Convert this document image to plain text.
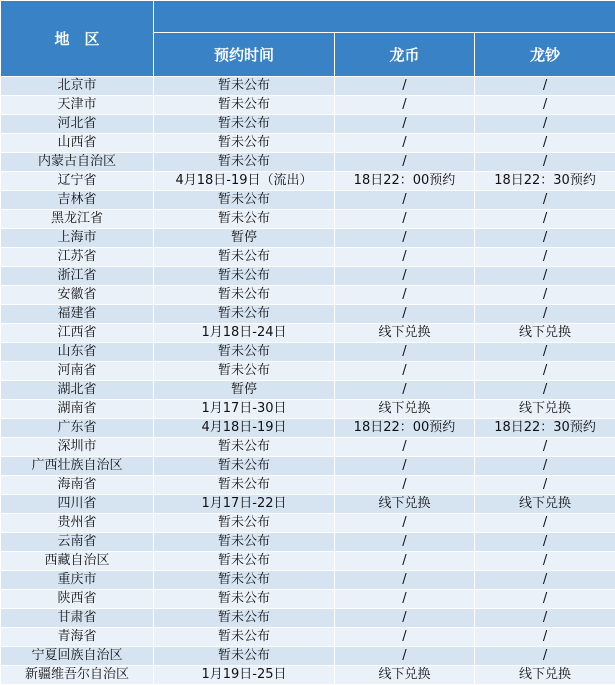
地　区			
	预约时间	龙币	龙钞
北京市	暂未公布	/	/
天津市	暂未公布	/	/
河北省	暂未公布	/	/
山西省	暂未公布	/	/
内蒙古自治区	暂未公布	/	/
辽宁省	4月18日-19日（流出）	18日22：00预约	18日22：30预约
吉林省	暂未公布	/	/
黑龙江省	暂未公布	/	/
上海市	暂停	/	/
江苏省	暂未公布	/	/
浙江省	暂未公布	/	/
安徽省	暂未公布	/	/
福建省	暂未公布	/	/
江西省	1月18日-24日	线下兑换	线下兑换
山东省	暂未公布	/	/
河南省	暂未公布	/	/
湖北省	暂停	/	/
湖南省	1月17日-30日	线下兑换	线下兑换
广东省	4月18日-19日	18日22：00预约	18日22：30预约
深圳市	暂未公布	/	/
广西壮族自治区	暂未公布	/	/
海南省	暂未公布	/	/
四川省	1月17日-22日	线下兑换	线下兑换
贵州省	暂未公布	/	/
云南省	暂未公布	/	/
西藏自治区	暂未公布	/	/
重庆市	暂未公布	/	/
陕西省	暂未公布	/	/
甘肃省	暂未公布	/	/
青海省	暂未公布	/	/
宁夏回族自治区	暂未公布	/	/
新疆维吾尔自治区	1月19日-25日	线下兑换	线下兑换
